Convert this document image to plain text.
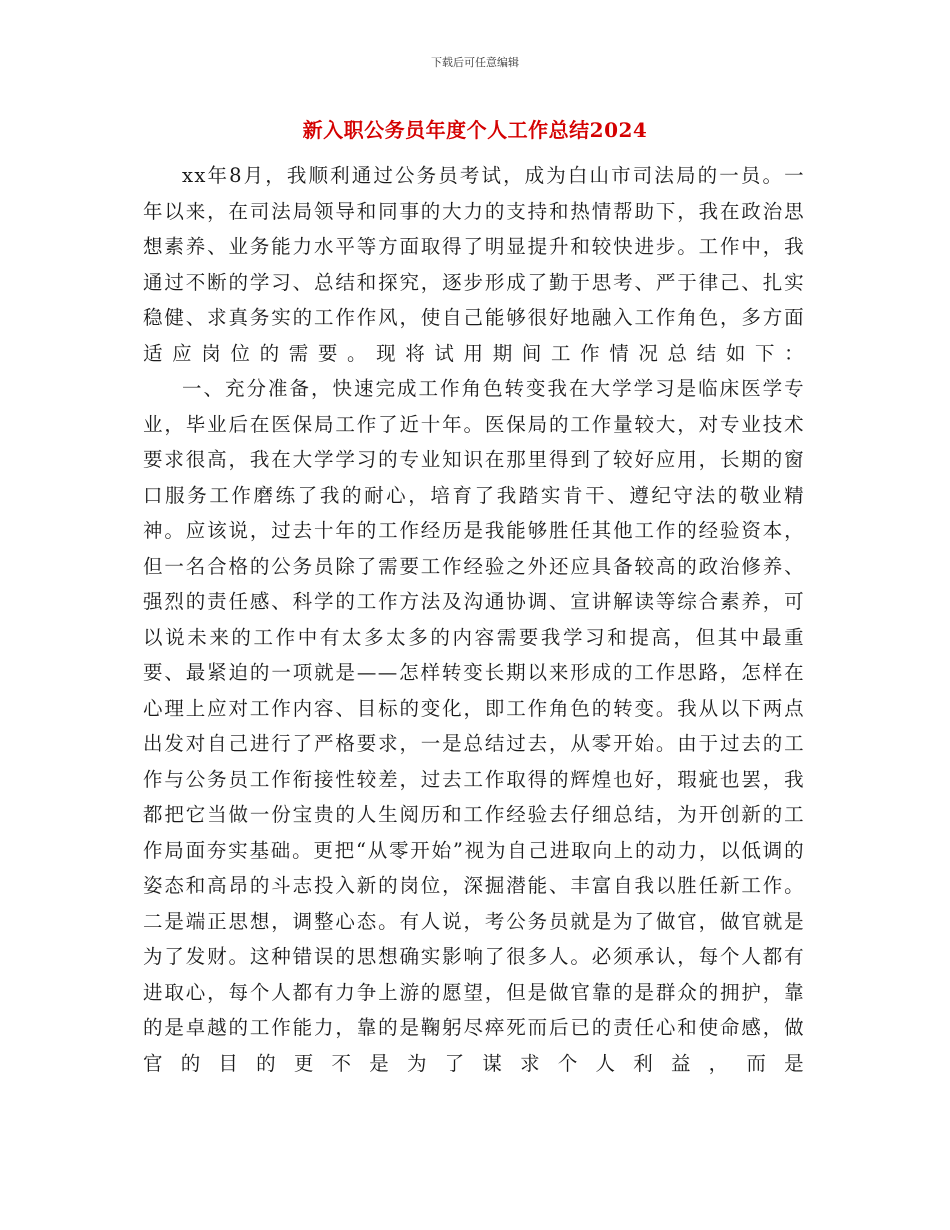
下载后可任意编辑
新入职公务员年度个人工作总结2024

xx年8月，我顺利通过公务员考试，成为白山市司法局的一员。一年以来，在司法局领导和同事的大力的支持和热情帮助下，我在政治思想素养、业务能力水平等方面取得了明显提升和较快进步。工作中，我通过不断的学习、总结和探究，逐步形成了勤于思考、严于律己、扎实稳健、求真务实的工作作风，使自己能够很好地融入工作角色，多方面适应岗位的需要。现将试用期间工作情况总结如下：

一、充分准备，快速完成工作角色转变我在大学学习是临床医学专业，毕业后在医保局工作了近十年。医保局的工作量较大，对专业技术要求很高，我在大学学习的专业知识在那里得到了较好应用，长期的窗口服务工作磨练了我的耐心，培育了我踏实肯干、遵纪守法的敬业精神。应该说，过去十年的工作经历是我能够胜任其他工作的经验资本，但一名合格的公务员除了需要工作经验之外还应具备较高的政治修养、强烈的责任感、科学的工作方法及沟通协调、宣讲解读等综合素养，可以说未来的工作中有太多太多的内容需要我学习和提高，但其中最重要、最紧迫的一项就是——怎样转变长期以来形成的工作思路，怎样在心理上应对工作内容、目标的变化，即工作角色的转变。我从以下两点出发对自己进行了严格要求，一是总结过去，从零开始。由于过去的工作与公务员工作衔接性较差，过去工作取得的辉煌也好，瑕疵也罢，我都把它当做一份宝贵的人生阅历和工作经验去仔细总结，为开创新的工作局面夯实基础。更把“从零开始”视为自己进取向上的动力，以低调的姿态和高昂的斗志投入新的岗位，深掘潜能、丰富自我以胜任新工作。二是端正思想，调整心态。有人说，考公务员就是为了做官，做官就是为了发财。这种错误的思想确实影响了很多人。必须承认，每个人都有进取心，每个人都有力争上游的愿望，但是做官靠的是群众的拥护，靠的是卓越的工作能力，靠的是鞠躬尽瘁死而后已的责任心和使命感，做官的目的更不是为了谋求个人利益，而是
